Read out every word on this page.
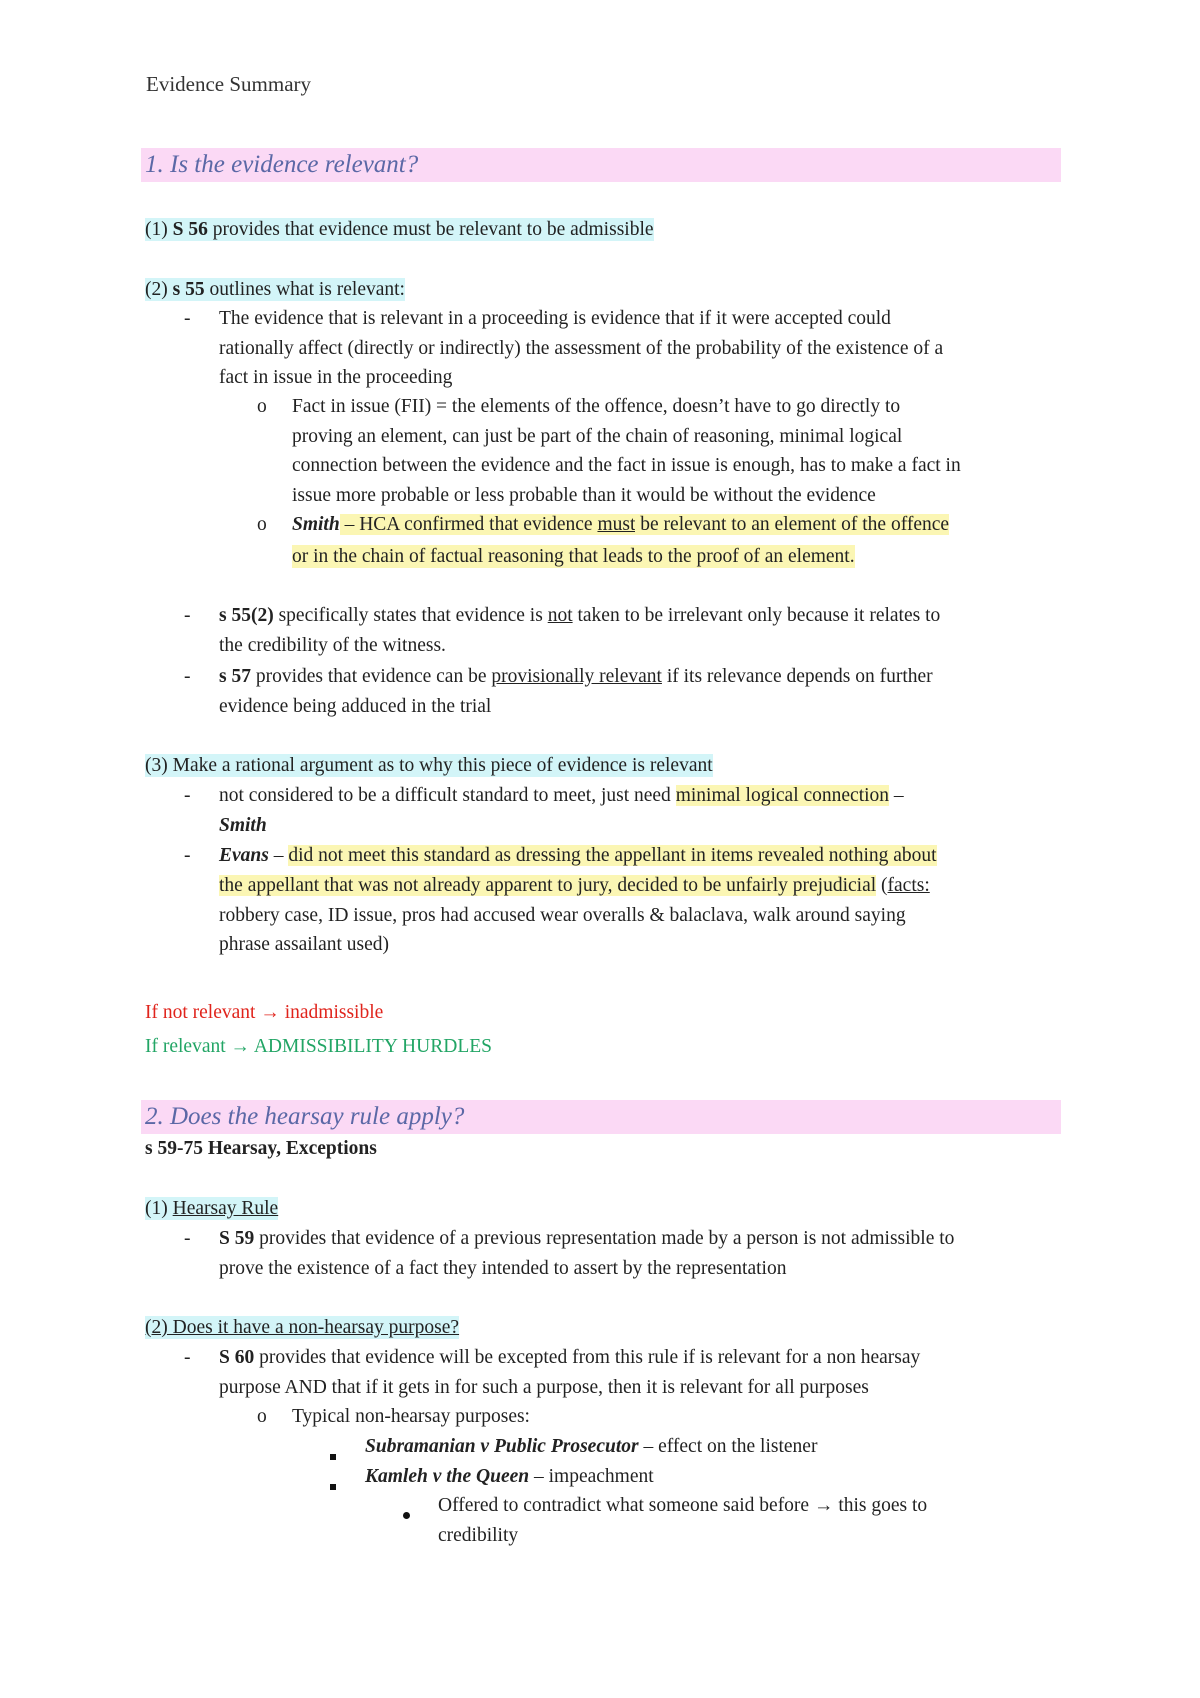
Evidence Summary
1. Is the evidence relevant?
(1) S 56 provides that evidence must be relevant to be admissible
(2) s 55 outlines what is relevant:
- The evidence that is relevant in a proceeding is evidence that if it were accepted could
rationally affect (directly or indirectly) the assessment of the probability of the existence of a
fact in issue in the proceeding
o Fact in issue (FII) = the elements of the offence, doesn’t have to go directly to
proving an element, can just be part of the chain of reasoning, minimal logical
connection between the evidence and the fact in issue is enough, has to make a fact in
issue more probable or less probable than it would be without the evidence
o Smith – HCA confirmed that evidence must be relevant to an element of the offence
or in the chain of factual reasoning that leads to the proof of an element.
- s 55(2) specifically states that evidence is not taken to be irrelevant only because it relates to
the credibility of the witness.
- s 57 provides that evidence can be provisionally relevant if its relevance depends on further
evidence being adduced in the trial
(3) Make a rational argument as to why this piece of evidence is relevant
- not considered to be a difficult standard to meet, just need minimal logical connection –
Smith
- Evans – did not meet this standard as dressing the appellant in items revealed nothing about
the appellant that was not already apparent to jury, decided to be unfairly prejudicial (facts:
robbery case, ID issue, pros had accused wear overalls & balaclava, walk around saying
phrase assailant used)
If not relevant → inadmissible
If relevant → ADMISSIBILITY HURDLES
2. Does the hearsay rule apply?
s 59-75 Hearsay, Exceptions
(1) Hearsay Rule
- S 59 provides that evidence of a previous representation made by a person is not admissible to
prove the existence of a fact they intended to assert by the representation
(2) Does it have a non-hearsay purpose?
- S 60 provides that evidence will be excepted from this rule if is relevant for a non hearsay
purpose AND that if it gets in for such a purpose, then it is relevant for all purposes
o Typical non-hearsay purposes:
Subramanian v Public Prosecutor – effect on the listener
Kamleh v the Queen – impeachment
Offered to contradict what someone said before → this goes to
credibility
